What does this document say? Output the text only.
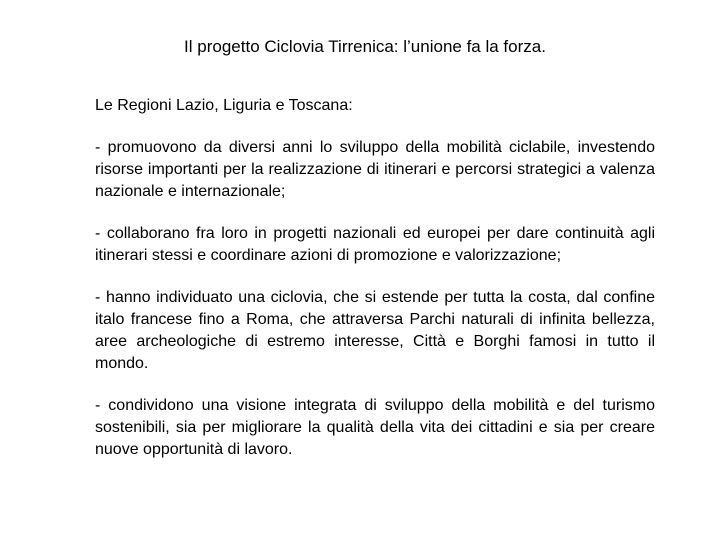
Il progetto Ciclovia Tirrenica: l’unione fa la forza.

Le Regioni Lazio, Liguria e Toscana:

- promuovono da diversi anni lo sviluppo della mobilità ciclabile, investendo risorse importanti per la realizzazione di itinerari e percorsi strategici a valenza nazionale e internazionale;

- collaborano fra loro in progetti nazionali ed europei per dare continuità agli itinerari stessi e coordinare azioni di promozione e valorizzazione;

- hanno individuato una ciclovia, che si estende per tutta la costa, dal confine italo francese fino a Roma, che attraversa Parchi naturali di infinita bellezza, aree archeologiche di estremo interesse, Città e Borghi famosi in tutto il mondo.

- condividono una visione integrata di sviluppo della mobilità e del turismo sostenibili, sia per migliorare la qualità della vita dei cittadini e sia per creare nuove opportunità di lavoro.
